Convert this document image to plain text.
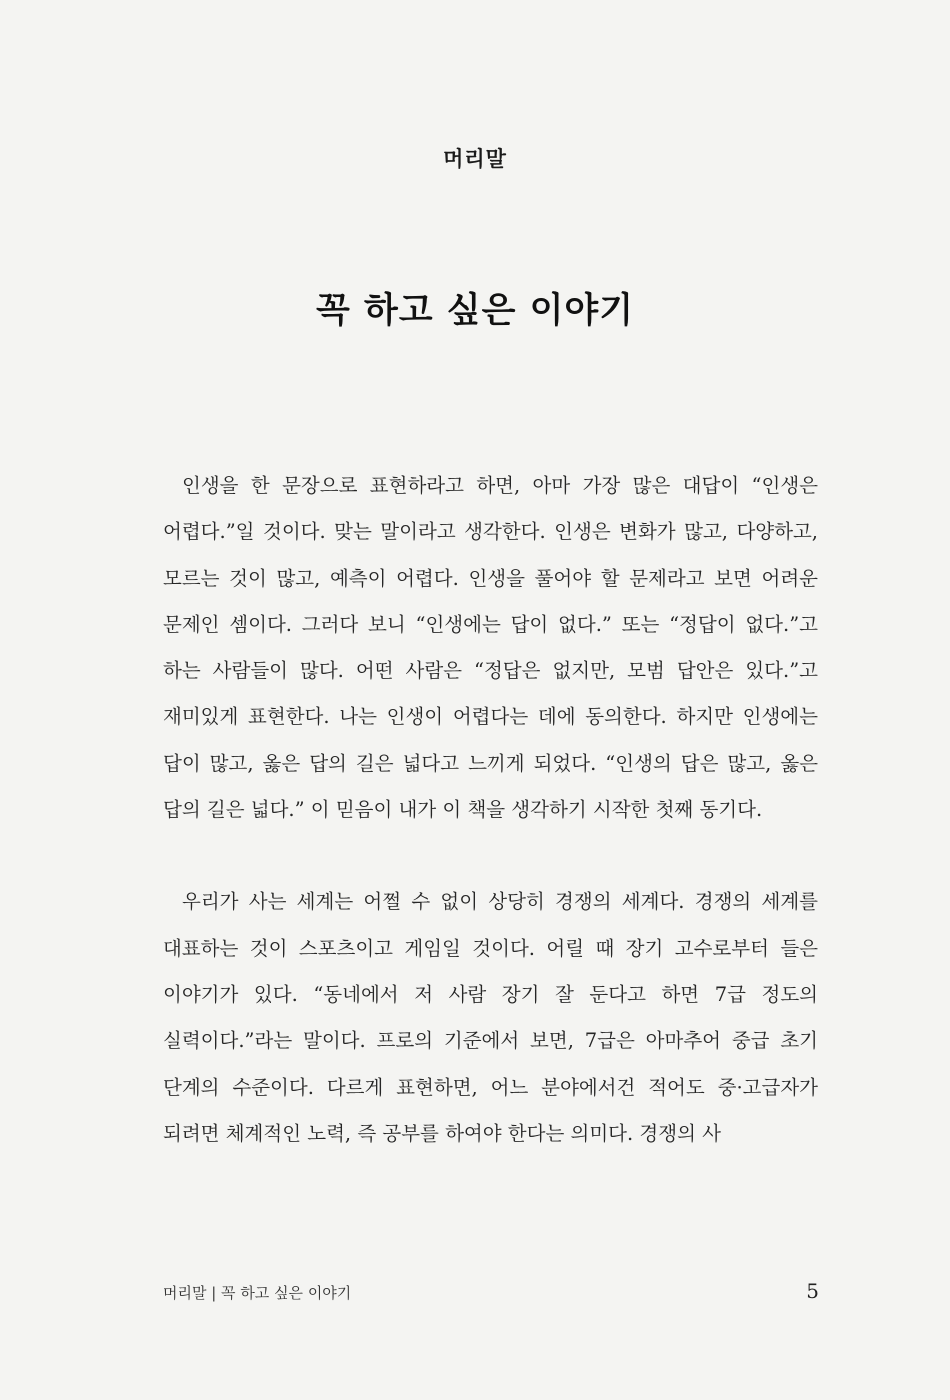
머리말
꼭 하고 싶은 이야기

인생을 한 문장으로 표현하라고 하면, 아마 가장 많은 대답이 “인생은 어렵다.”일 것이다. 맞는 말이라고 생각한다. 인생은 변화가 많고, 다양하고, 모르는 것이 많고, 예측이 어렵다. 인생을 풀어야 할 문제라고 보면 어려운 문제인 셈이다. 그러다 보니 “인생에는 답이 없다.” 또는 “정답이 없다.”고 하는 사람들이 많다. 어떤 사람은 “정답은 없지만, 모범 답안은 있다.”고 재미있게 표현한다. 나는 인생이 어렵다는 데에 동의한다. 하지만 인생에는 답이 많고, 옳은 답의 길은 넓다고 느끼게 되었다. “인생의 답은 많고, 옳은 답의 길은 넓다.” 이 믿음이 내가 이 책을 생각하기 시작한 첫째 동기다.

우리가 사는 세계는 어쩔 수 없이 상당히 경쟁의 세계다. 경쟁의 세계를 대표하는 것이 스포츠이고 게임일 것이다. 어릴 때 장기 고수로부터 들은 이야기가 있다. “동네에서 저 사람 장기 잘 둔다고 하면 7급 정도의 실력이다.”라는 말이다. 프로의 기준에서 보면, 7급은 아마추어 중급 초기 단계의 수준이다. 다르게 표현하면, 어느 분야에서건 적어도 중·고급자가 되려면 체계적인 노력, 즉 공부를 하여야 한다는 의미다. 경쟁의 사

머리말 | 꼭 하고 싶은 이야기	5
